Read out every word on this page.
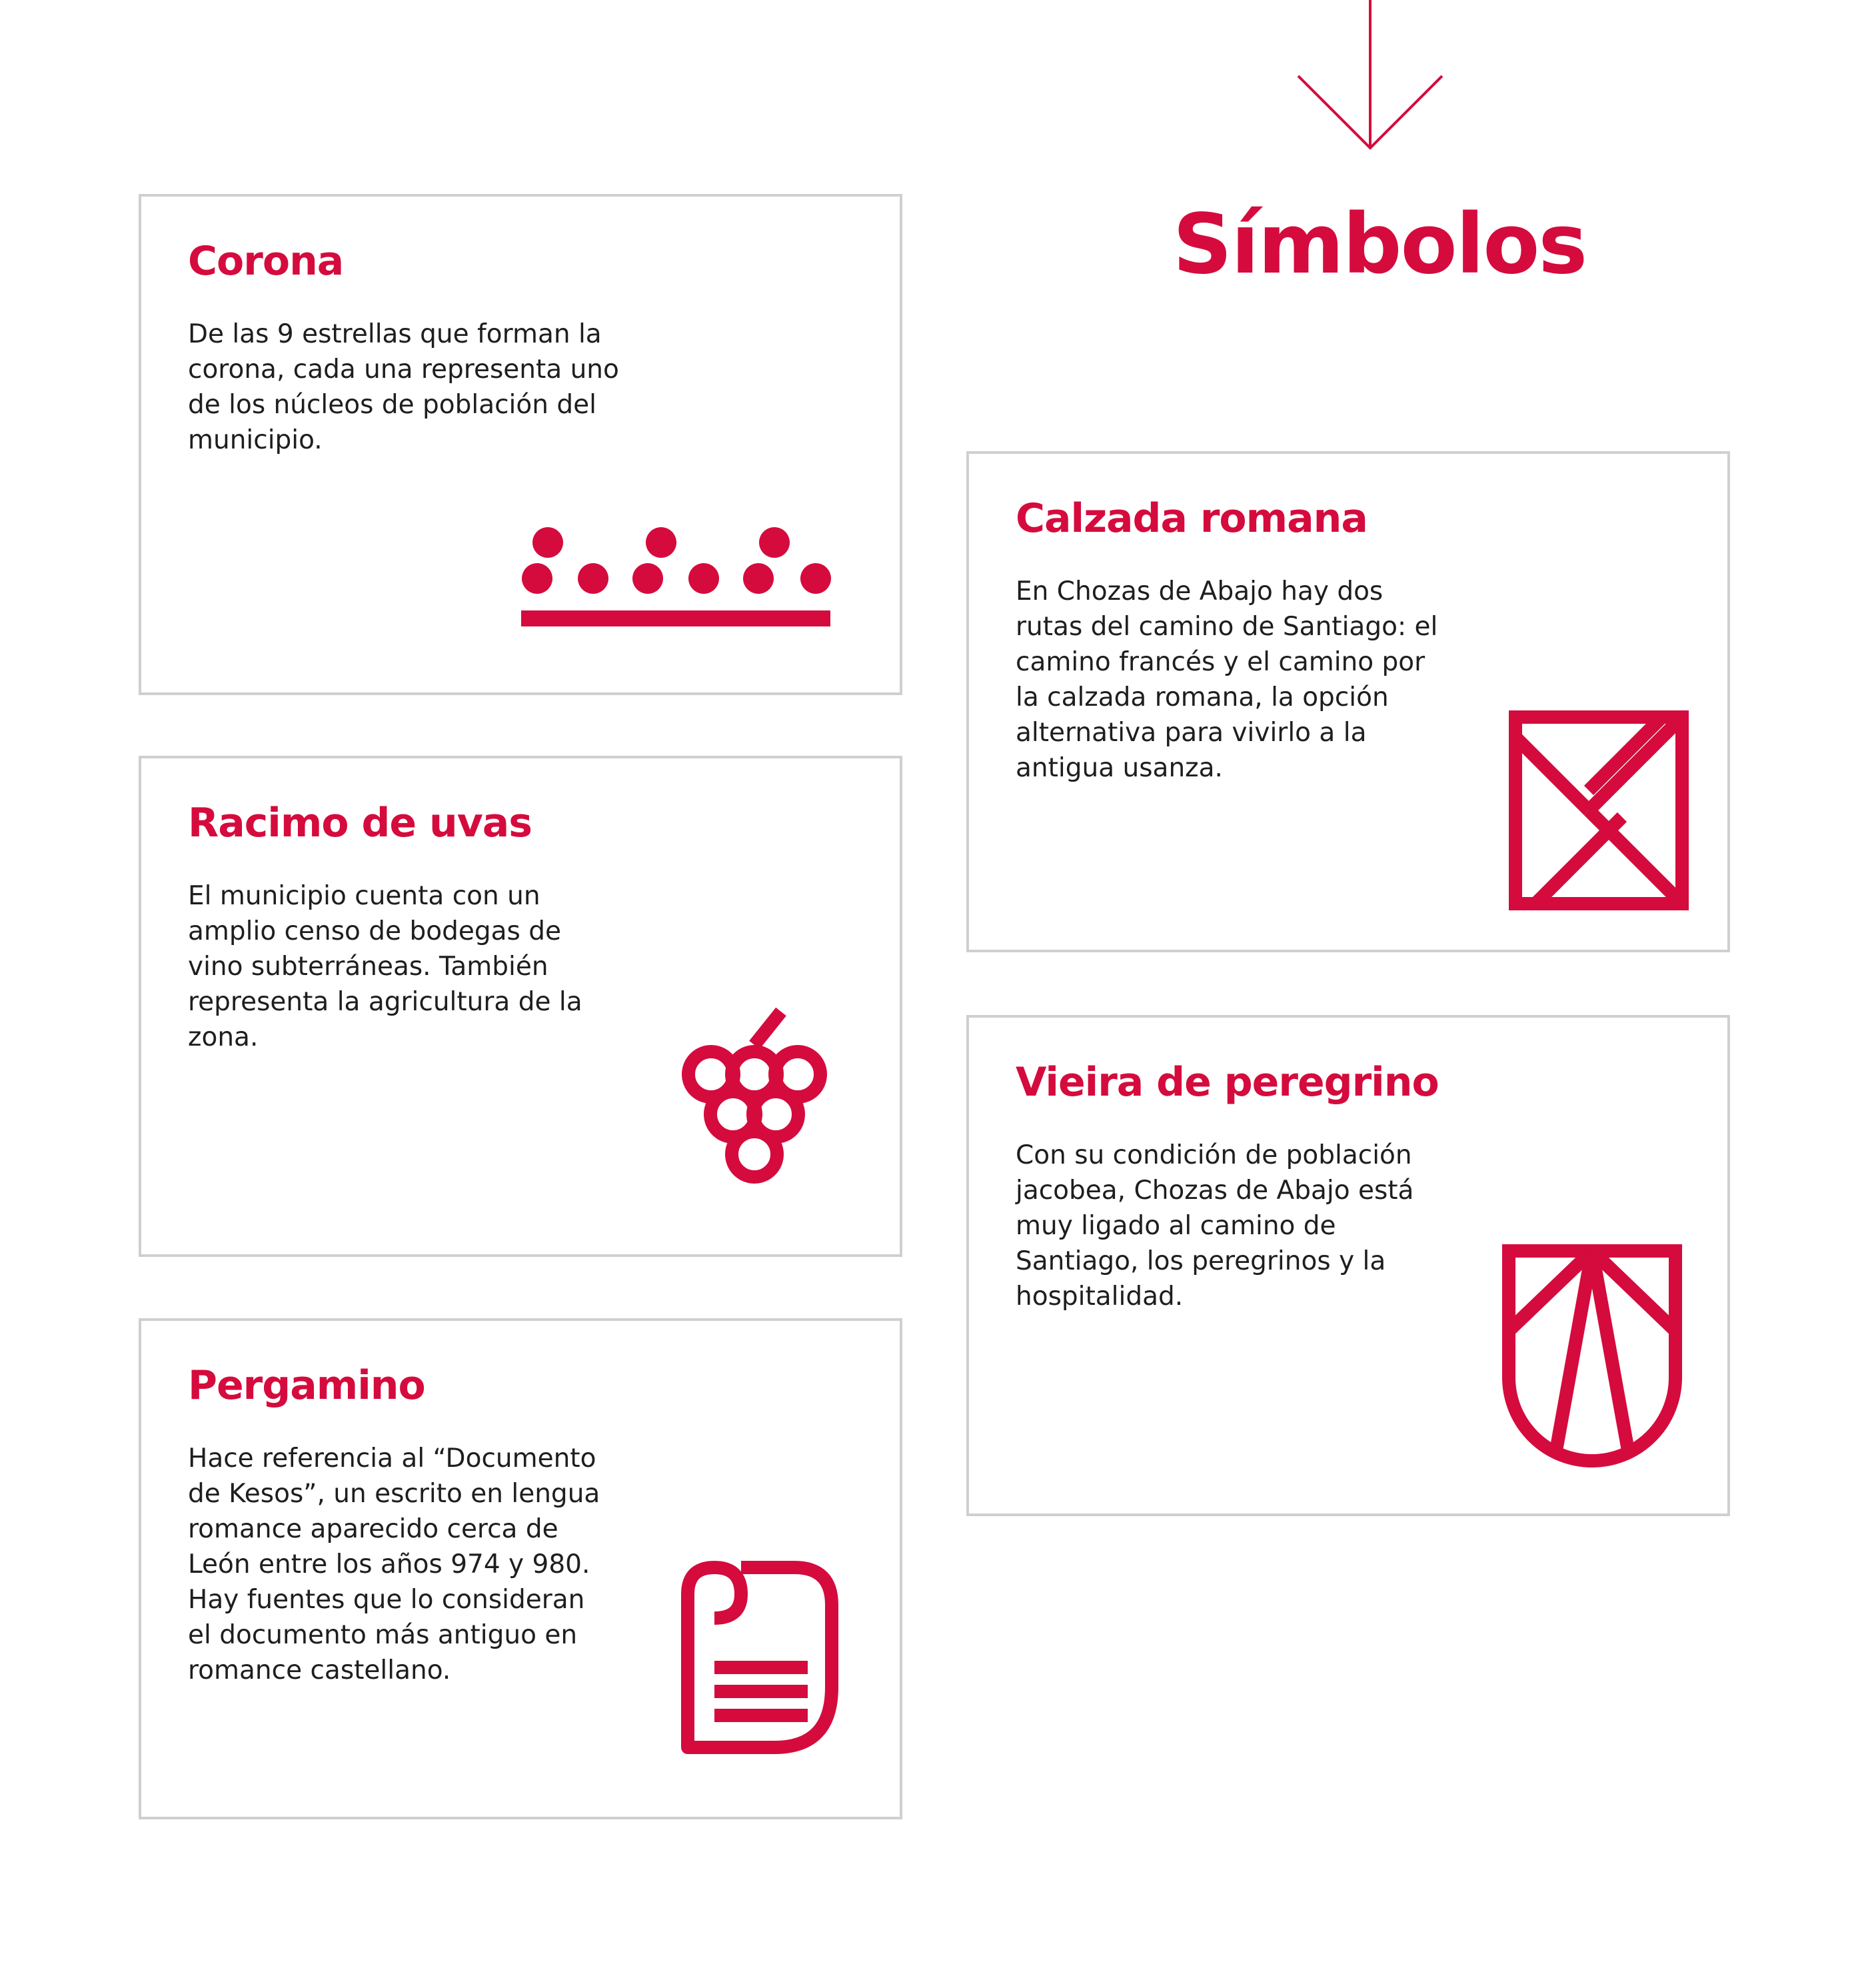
Símbolos
Corona

De las 9 estrellas que forman la corona, cada una representa uno de los núcleos de población del municipio.

Racimo de uvas

El municipio cuenta con un amplio censo de bodegas de vino subterráneas. También representa la agricultura de la zona.

Pergamino

Hace referencia al “Documento de Kesos”, un escrito en lengua romance aparecido cerca de León entre los años 974 y 980. Hay fuentes que lo consideran el documento más antiguo en romance castellano.

Calzada romana

En Chozas de Abajo hay dos rutas del camino de Santiago: el camino francés y el camino por la calzada romana, la opción alternativa para vivirlo a la antigua usanza.

Vieira de peregrino

Con su condición de población jacobea, Chozas de Abajo está muy ligado al camino de Santiago, los peregrinos y la hospitalidad.
